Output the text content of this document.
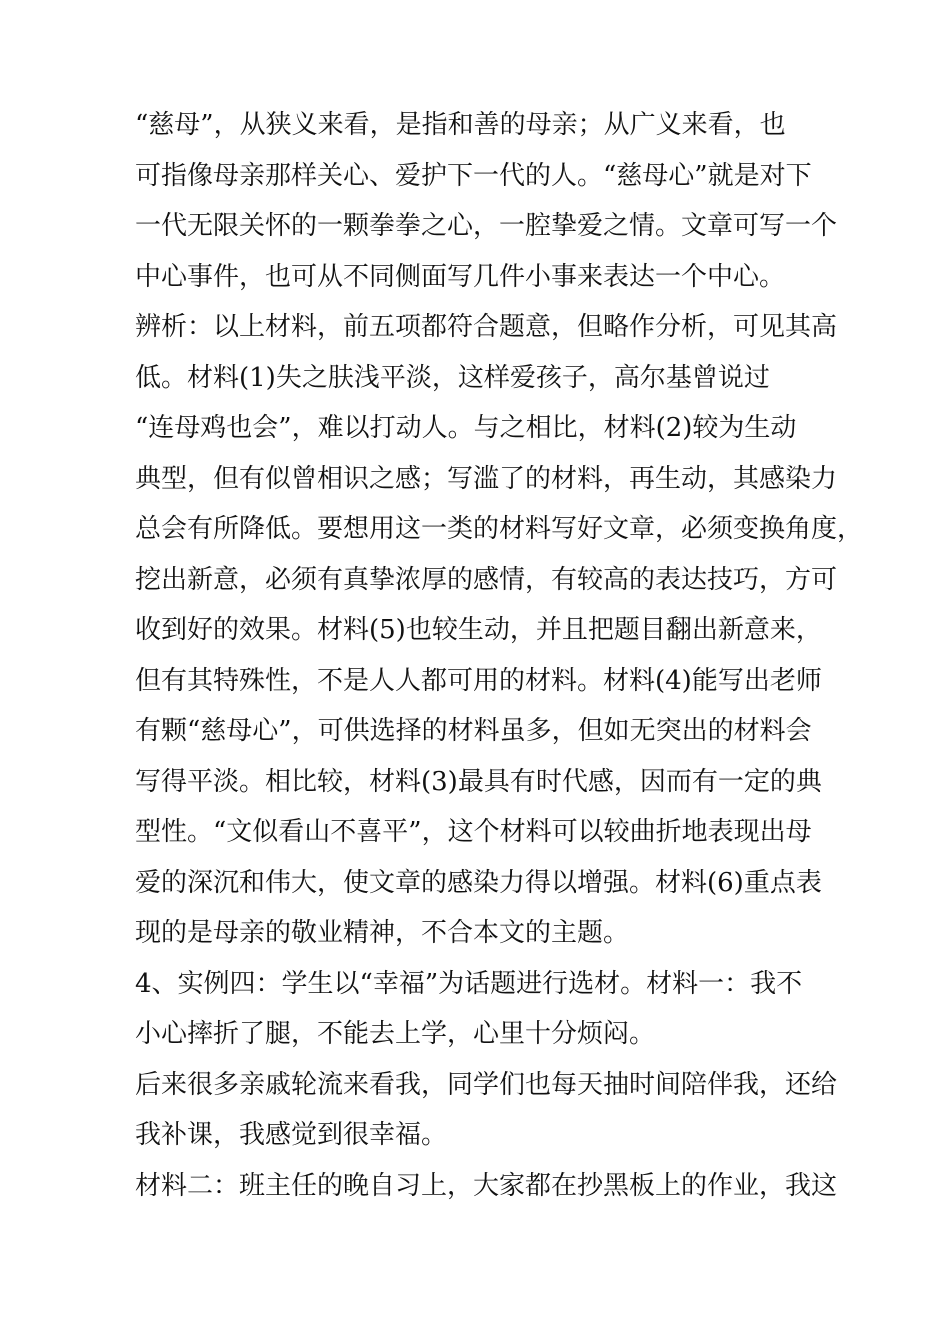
“慈母”，从狭义来看，是指和善的母亲；从广义来看，也
可指像母亲那样关心、爱护下一代的人。“慈母心”就是对下
一代无限关怀的一颗拳拳之心，一腔挚爱之情。文章可写一个
中心事件，也可从不同侧面写几件小事来表达一个中心。
辨析：以上材料，前五项都符合题意，但略作分析，可见其高
低。材料(1)失之肤浅平淡，这样爱孩子，高尔基曾说过
“连母鸡也会”，难以打动人。与之相比，材料(2)较为生动
典型，但有似曾相识之感；写滥了的材料，再生动，其感染力
总会有所降低。要想用这一类的材料写好文章，必须变换角度，
挖出新意，必须有真挚浓厚的感情，有较高的表达技巧，方可
收到好的效果。材料(5)也较生动，并且把题目翻出新意来，
但有其特殊性，不是人人都可用的材料。材料(4)能写出老师
有颗“慈母心”，可供选择的材料虽多，但如无突出的材料会
写得平淡。相比较，材料(3)最具有时代感，因而有一定的典
型性。“文似看山不喜平”，这个材料可以较曲折地表现出母
爱的深沉和伟大，使文章的感染力得以增强。材料(6)重点表
现的是母亲的敬业精神，不合本文的主题。
4、实例四：学生以“幸福”为话题进行选材。材料一：我不
小心摔折了腿，不能去上学，心里十分烦闷。
后来很多亲戚轮流来看我，同学们也每天抽时间陪伴我，还给
我补课，我感觉到很幸福。
材料二：班主任的晚自习上，大家都在抄黑板上的作业，我这
